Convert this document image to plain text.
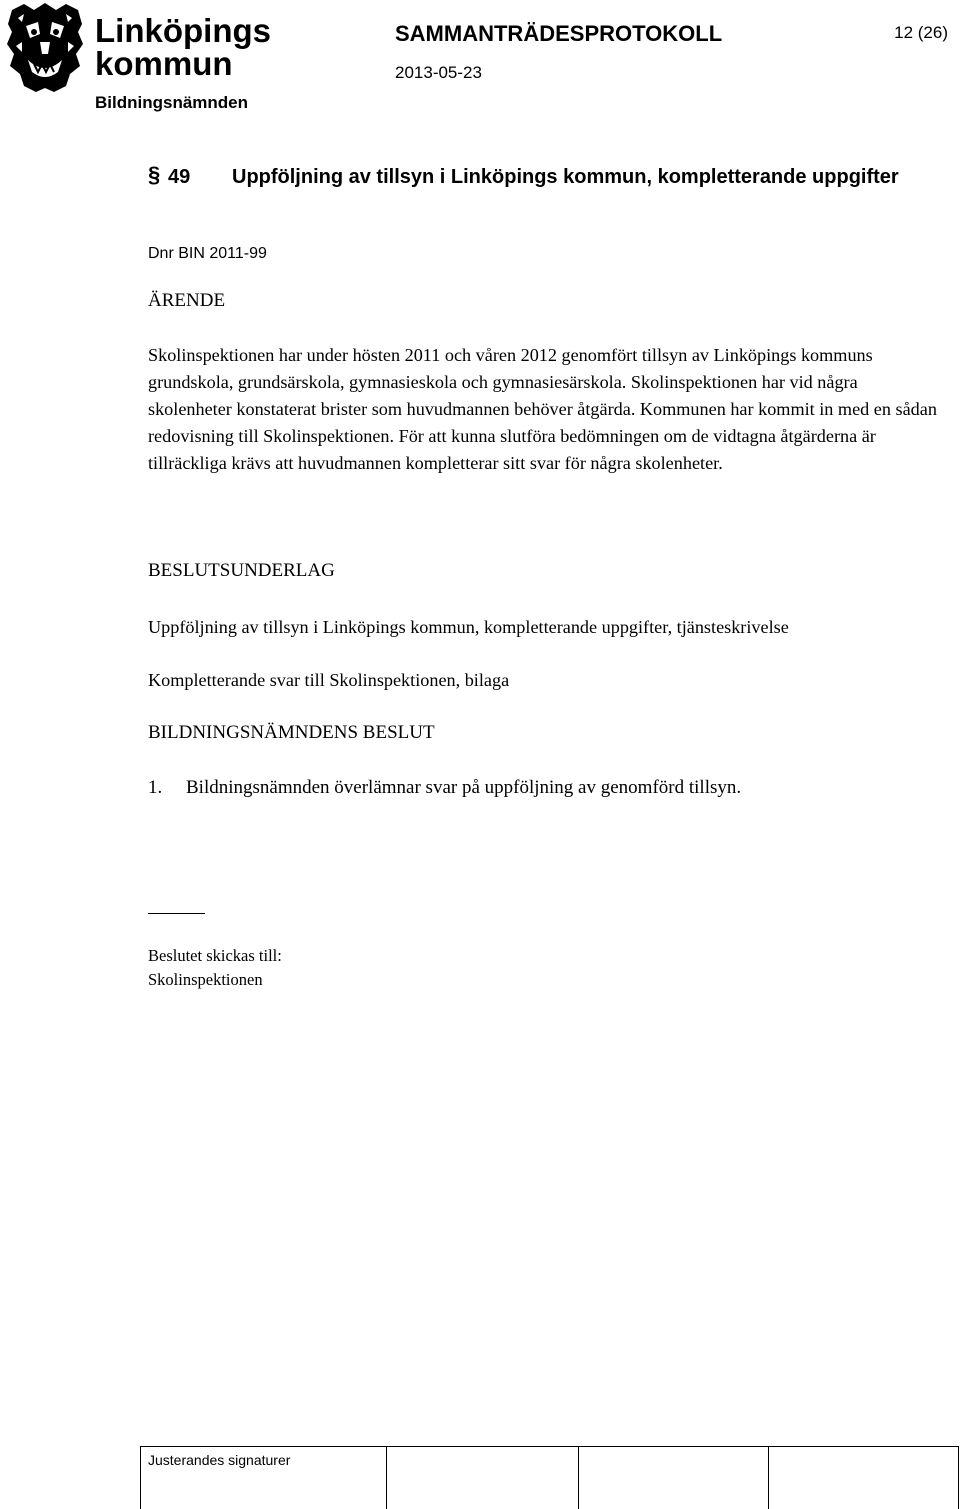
Linköpings
kommun
Bildningsnämnden
SAMMANTRÄDESPROTOKOLL
2013-05-23
12 (26)
§ 49 Uppföljning av tillsyn i Linköpings kommun, kompletterande uppgifter
Dnr BIN 2011-99
ÄRENDE
Skolinspektionen har under hösten 2011 och våren 2012 genomfört tillsyn av Linköpings kommuns grundskola, grundsärskola, gymnasieskola och gymnasiesärskola. Skolinspektionen har vid några skolenheter konstaterat brister som huvudmannen behöver åtgärda. Kommunen har kommit in med en sådan redovisning till Skolinspektionen. För att kunna slutföra bedömningen om de vidtagna åtgärderna är tillräckliga krävs att huvudmannen kompletterar sitt svar för några skolenheter.
BESLUTSUNDERLAG
Uppföljning av tillsyn i Linköpings kommun, kompletterande uppgifter, tjänsteskrivelse
Kompletterande svar till Skolinspektionen, bilaga
BILDNINGSNÄMNDENS BESLUT
1. Bildningsnämnden överlämnar svar på uppföljning av genomförd tillsyn.
Beslutet skickas till:
Skolinspektionen
Justerandes signaturer
